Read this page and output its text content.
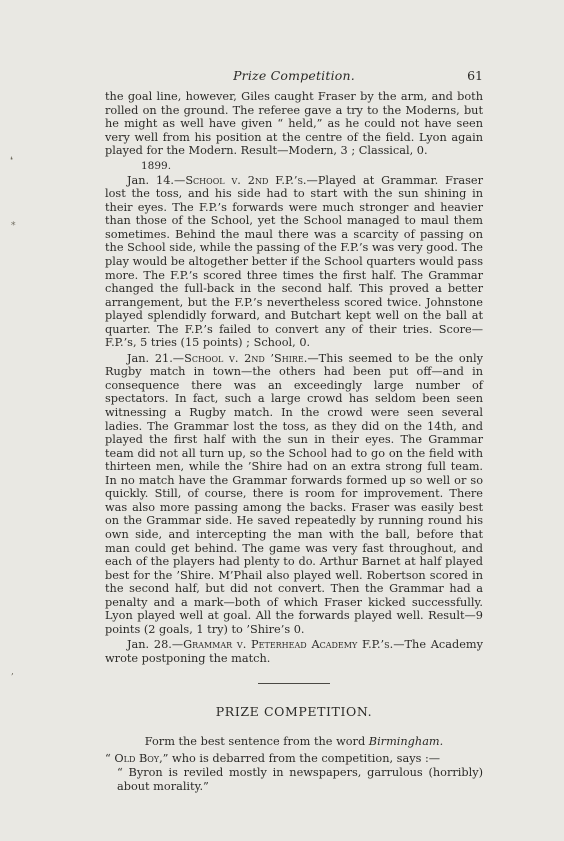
❛
⁎
‚
Prize Competition.	61

the goal line, however, Giles caught Fraser by the arm, and both rolled on the ground. The referee gave a try to the Moderns, but he might as well have given “ held,” as he could not have seen very well from his position at the centre of the field. Lyon again played for the Modern. Result—Modern, 3 ; Classical, 0.

1899.

Jan. 14.—School v. 2nd F.P.’s.—Played at Grammar. Fraser lost the toss, and his side had to start with the sun shining in their eyes. The F.P.’s forwards were much stronger and heavier than those of the School, yet the School managed to maul them sometimes. Behind the maul there was a scarcity of passing on the School side, while the passing of the F.P.’s was very good. The play would be altogether better if the School quarters would pass more. The F.P.’s scored three times the first half. The Grammar changed the full-back in the second half. This proved a better arrangement, but the F.P.’s nevertheless scored twice. Johnstone played splendidly forward, and Butchart kept well on the ball at quarter. The F.P.’s failed to convert any of their tries. Score—F.P.’s, 5 tries (15 points) ; School, 0.

Jan. 21.—School v. 2nd ’Shire.—This seemed to be the only Rugby match in town—the others had been put off—and in consequence there was an exceedingly large number of spectators. In fact, such a large crowd has seldom been seen witnessing a Rugby match. In the crowd were seen several ladies. The Grammar lost the toss, as they did on the 14th, and played the first half with the sun in their eyes. The Grammar team did not all turn up, so the School had to go on the field with thirteen men, while the ’Shire had on an extra strong full team. In no match have the Grammar forwards formed up so well or so quickly. Still, of course, there is room for improvement. There was also more passing among the backs. Fraser was easily best on the Grammar side. He saved repeatedly by running round his own side, and intercepting the man with the ball, before that man could get behind. The game was very fast throughout, and each of the players had plenty to do. Arthur Barnet at half played best for the ’Shire. M’Phail also played well. Robertson scored in the second half, but did not convert. Then the Grammar had a penalty and a mark—both of which Fraser kicked successfully. Lyon played well at goal. All the forwards played well. Result—9 points (2 goals, 1 try) to ’Shire’s 0.

Jan. 28.—Grammar v. Peterhead Academy F.P.’s.—The Academy wrote postponing the match.

PRIZE COMPETITION.
Form the best sentence from the word Birmingham.

“ Old Boy,” who is debarred from the competition, says :—

“ Byron is reviled mostly in newspapers, garrulous (horribly) about morality.”
